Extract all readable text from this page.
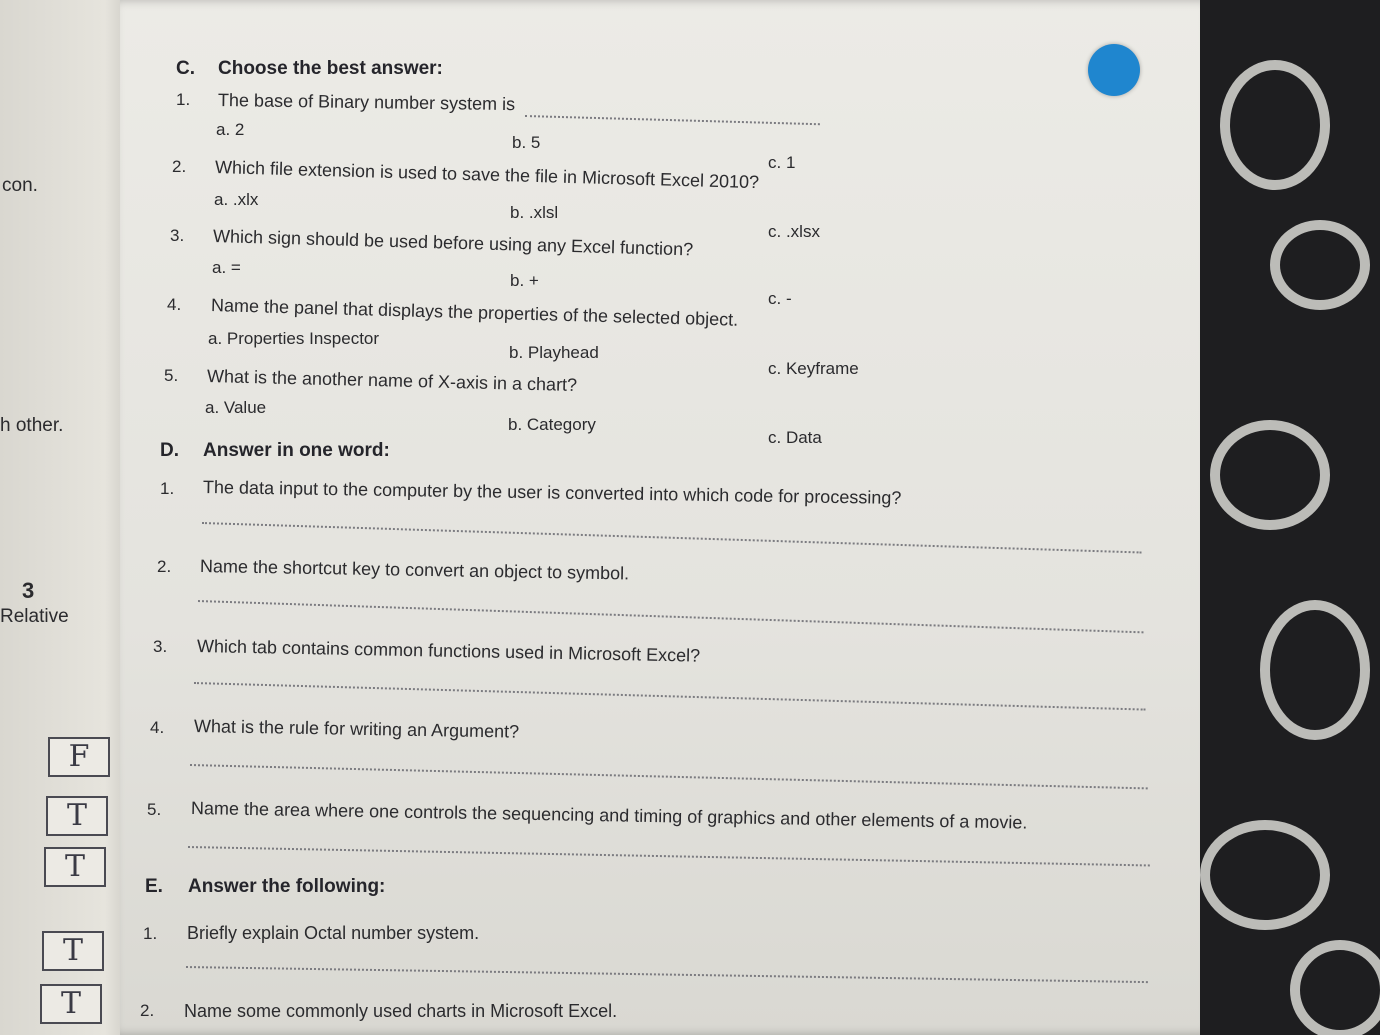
con.
h other.
3
Relative
C. Choose the best answer:
1. The base of Binary number system is
a. 2
b. 5
c. 1
2. Which file extension is used to save the file in Microsoft Excel 2010?
a. .xlx
b. .xlsl
c. .xlsx
3. Which sign should be used before using any Excel function?
a. =
b. +
c. -
4. Name the panel that displays the properties of the selected object.
a. Properties Inspector
b. Playhead
c. Keyframe
5. What is the another name of X-axis in a chart?
a. Value
b. Category
c. Data
D. Answer in one word:
1. The data input to the computer by the user is converted into which code for processing?
2. Name the shortcut key to convert an object to symbol.
3. Which tab contains common functions used in Microsoft Excel?
4. What is the rule for writing an Argument?
5. Name the area where one controls the sequencing and timing of graphics and other elements of a movie.
E. Answer the following:
1. Briefly explain Octal number system.
2. Name some commonly used charts in Microsoft Excel.
F
T
T
T
T
